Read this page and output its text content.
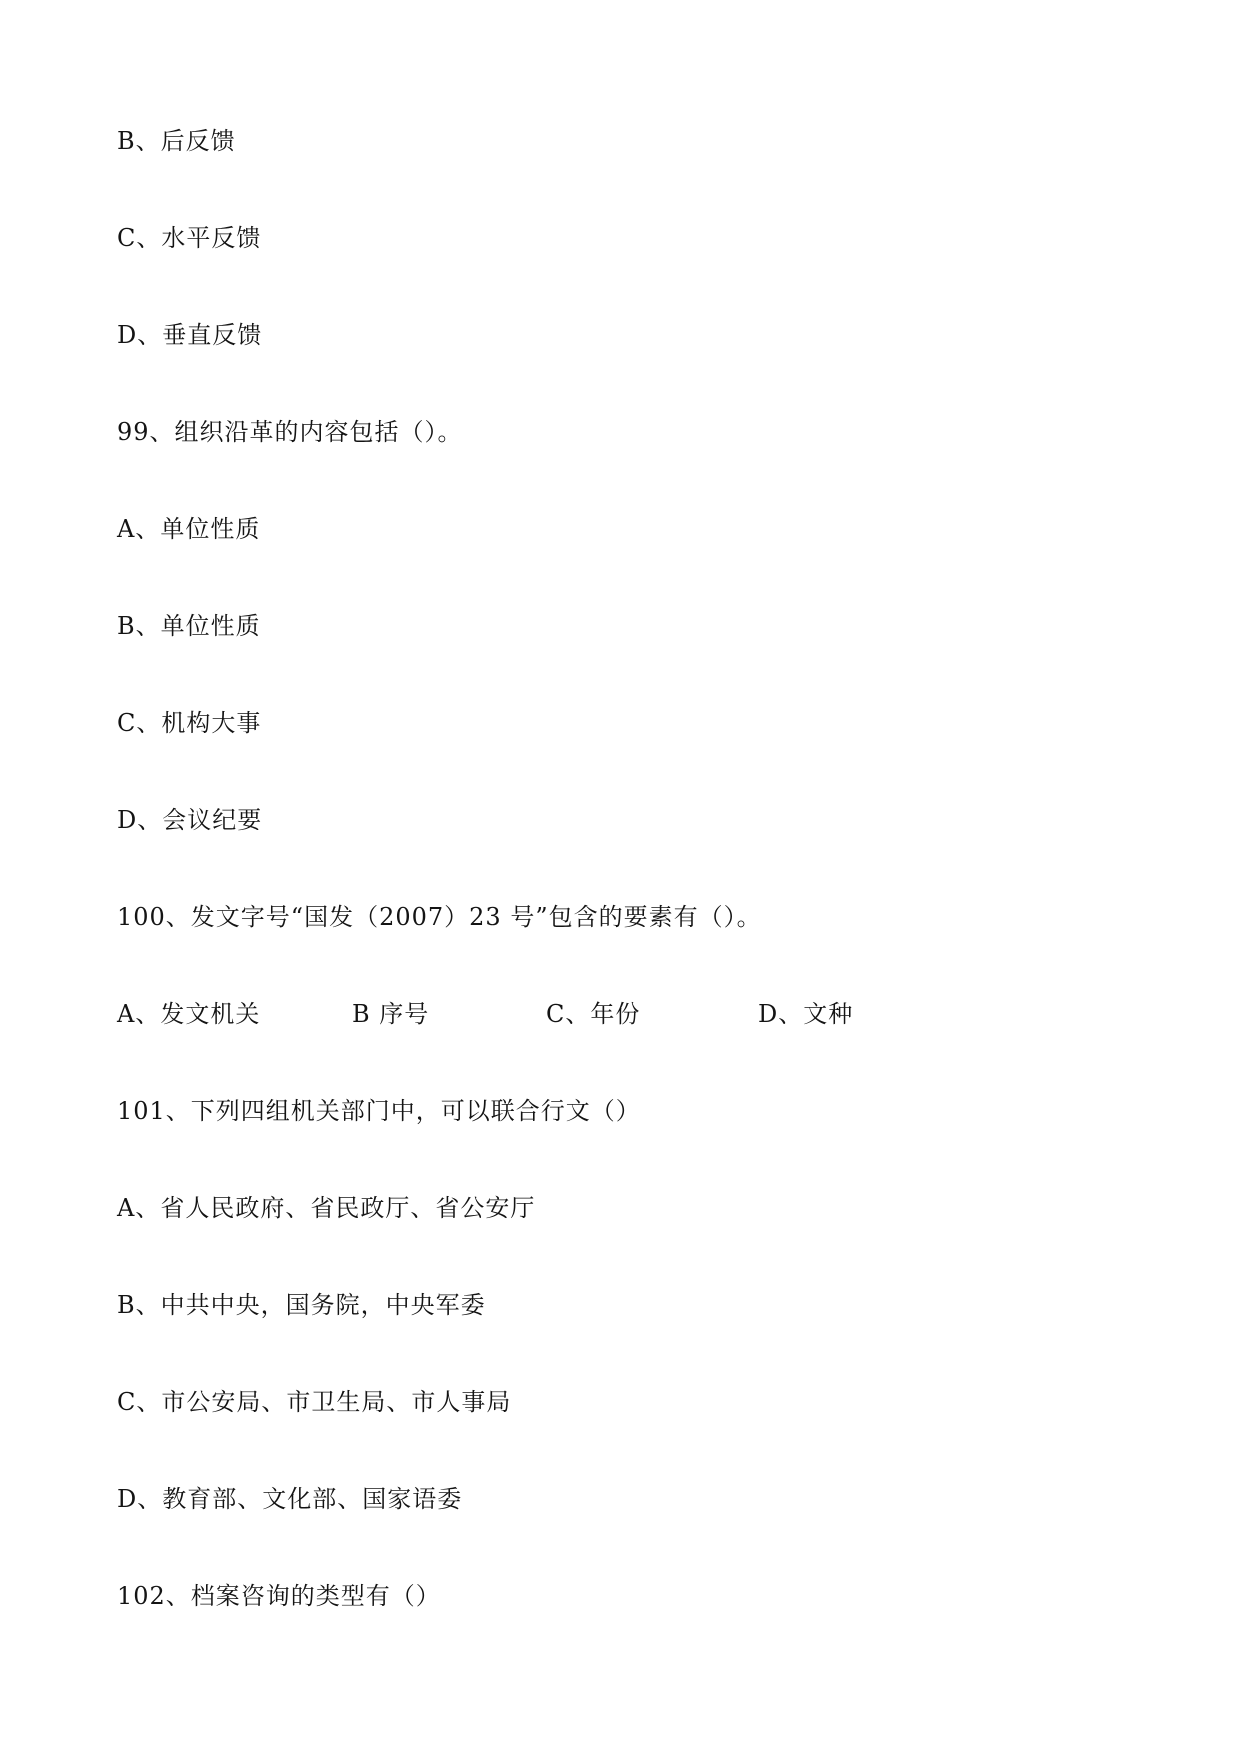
B、后反馈
C、水平反馈
D、垂直反馈
99、组织沿革的内容包括（）。
A、单位性质
B、单位性质
C、机构大事
D、会议纪要
100、发文字号“国发（2007）23 号”包含的要素有（）。
A、发文机关	B 序号	C、年份	D、文种
101、下列四组机关部门中，可以联合行文（）
A、省人民政府、省民政厅、省公安厅
B、中共中央，国务院，中央军委
C、市公安局、市卫生局、市人事局
D、教育部、文化部、国家语委
102、档案咨询的类型有（）
